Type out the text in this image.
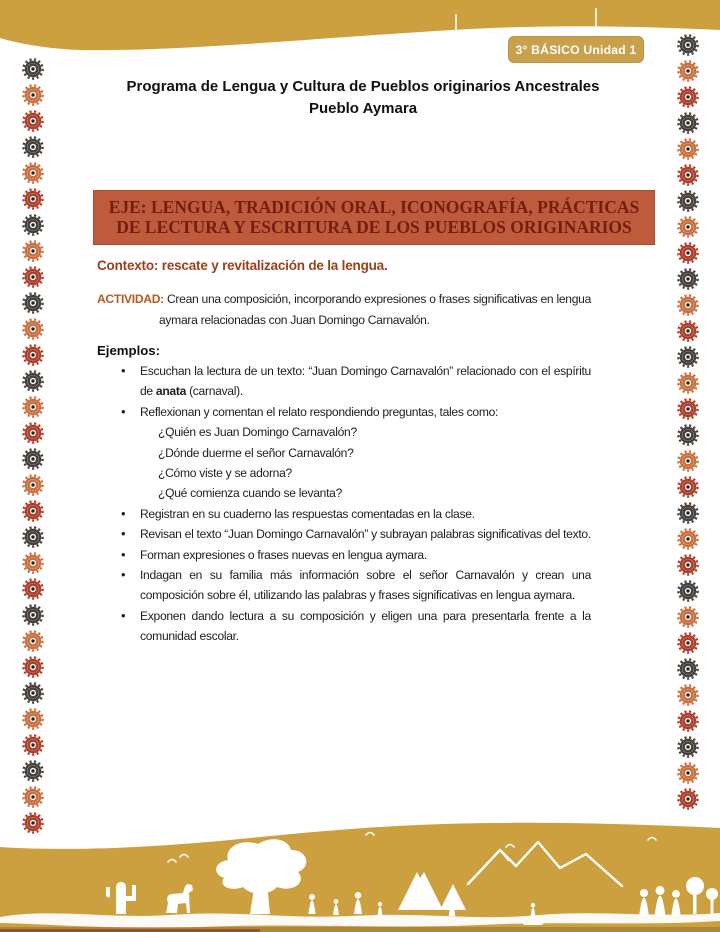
3° BÁSICO Unidad 1
Programa de Lengua y Cultura de Pueblos originarios Ancestrales
Pueblo Aymara
EJE: LENGUA, TRADICIÓN ORAL, ICONOGRAFÍA, PRÁCTICAS
DE LECTURA Y ESCRITURA DE LOS PUEBLOS ORIGINARIOS

Contexto: rescate y revitalización de la lengua.

ACTIVIDAD: Crean una composición, incorporando expresiones o frases significativas en lengua aymara relacionadas con Juan Domingo Carnavalón.

Ejemplos:

• Escuchan la lectura de un texto: “Juan Domingo Carnavalón” relacionado con el espíritu de anata (carnaval).
• Reflexionan y comentan el relato respondiendo preguntas, tales como:
¿Quién es Juan Domingo Carnavalón?
¿Dónde duerme el señor Carnavalón?
¿Cómo viste y se adorna?
¿Qué comienza cuando se levanta?
• Registran en su cuaderno las respuestas comentadas en la clase.
• Revisan el texto “Juan Domingo Carnavalón” y subrayan palabras significativas del texto.
• Forman expresiones o frases nuevas en lengua aymara.
• Indagan en su familia más información sobre el señor Carnavalón y crean una composición sobre él, utilizando las palabras y frases significativas en lengua aymara.
• Exponen dando lectura a su composición y eligen una para presentarla frente a la comunidad escolar.
